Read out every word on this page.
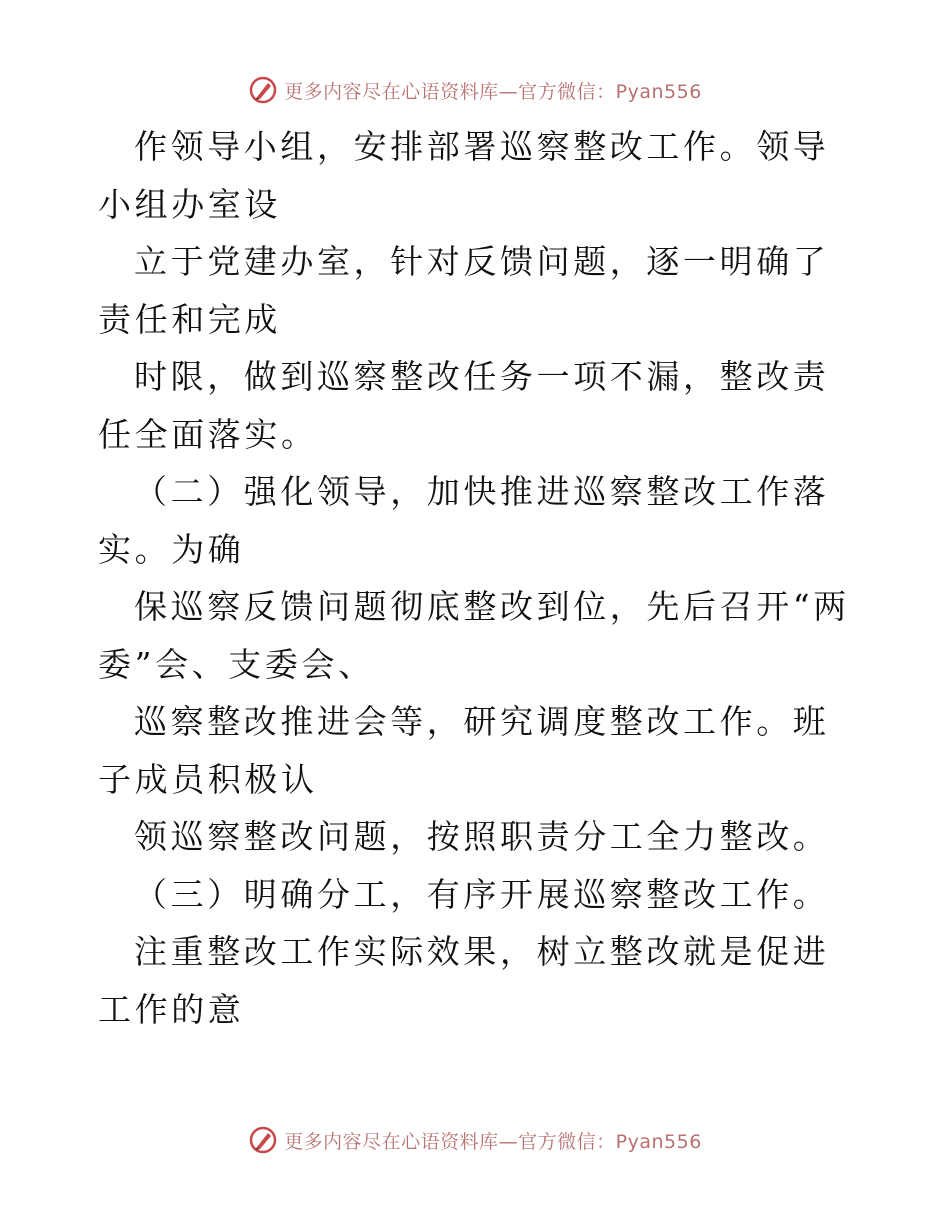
更多内容尽在心语资料库—官方微信：Pyan556

作领导小组，安排部署巡察整改工作。领导小组办室设

立于党建办室，针对反馈问题，逐一明确了责任和完成

时限，做到巡察整改任务一项不漏，整改责任全面落实。

（二）强化领导，加快推进巡察整改工作落实。为确

保巡察反馈问题彻底整改到位，先后召开“两委”会、支委会、

巡察整改推进会等，研究调度整改工作。班子成员积极认

领巡察整改问题，按照职责分工全力整改。

（三）明确分工，有序开展巡察整改工作。

注重整改工作实际效果，树立整改就是促进工作的意

更多内容尽在心语资料库—官方微信：Pyan556
